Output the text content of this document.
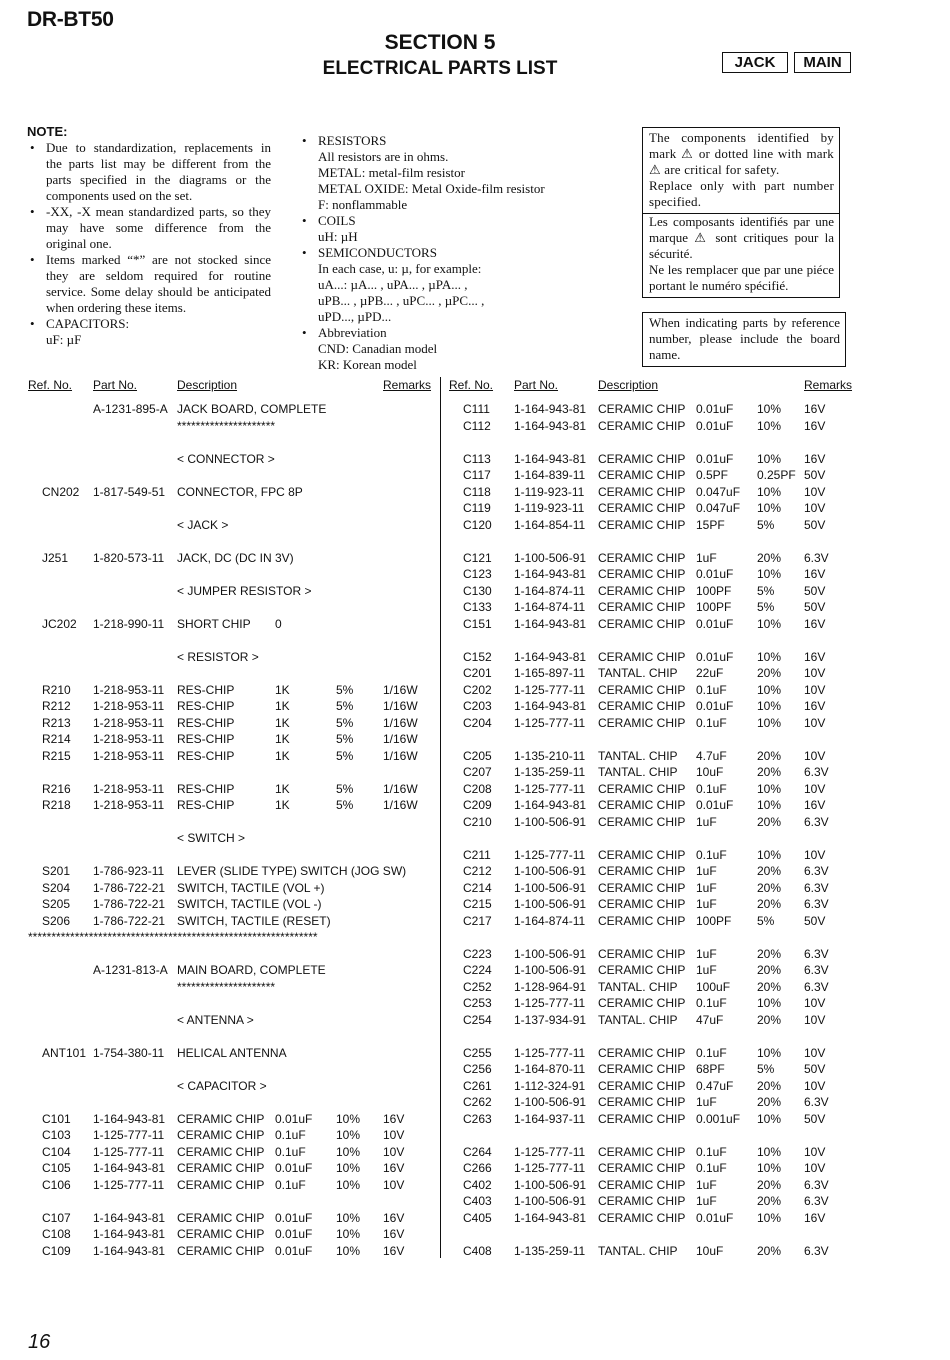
DR-BT50
SECTION 5
ELECTRICAL PARTS LIST	JACK	MAIN
NOTE:
• Due to standardization, replacements in the parts list may be different from the parts specified in the diagrams or the components used on the set.
• -XX, -X mean standardized parts, so they may have some difference from the original one.
• Items marked “*” are not stocked since they are seldom required for routine service. Some delay should be anticipated when ordering these items.
• CAPACITORS:
uF: µF
• RESISTORS
All resistors are in ohms.
METAL: metal-film resistor
METAL OXIDE: Metal Oxide-film resistor
F: nonflammable
• COILS
uH: µH
• SEMICONDUCTORS
In each case, u: µ, for example:
uA...: µA... , uPA... , µPA... ,
uPB... , µPB... , uPC... , µPC... ,
uPD..., µPD...
• Abbreviation
CND: Canadian model
KR: Korean model
The components identified by mark ⚠ or dotted line with mark ⚠ are critical for safety.
Replace only with part number specified.
Les composants identifiés par une marque ⚠ sont critiques pour la sécurité.
Ne les remplacer que par une piéce portant le numéro spécifié.
When indicating parts by reference number, please include the board name.
Ref. No. Part No.	Description	Remarks Ref. No. Part No.	Description	Remarks
A-1231-895-A JACK BOARD, COMPLETE
*********************
< CONNECTOR >
CN202 1-817-549-51 CONNECTOR, FPC 8P
< JACK >
J251 1-820-573-11 JACK, DC (DC IN 3V)
< JUMPER RESISTOR >
JC202 1-218-990-11 SHORT CHIP 0
< RESISTOR >
R210 1-218-953-11 RES-CHIP	1K	5% 1/16W
R212 1-218-953-11 RES-CHIP	1K	5% 1/16W
R213 1-218-953-11 RES-CHIP	1K	5% 1/16W
R214 1-218-953-11 RES-CHIP	1K	5% 1/16W
R215 1-218-953-11 RES-CHIP	1K	5% 1/16W
R216 1-218-953-11 RES-CHIP	1K	5% 1/16W
R218 1-218-953-11 RES-CHIP	1K	5% 1/16W
< SWITCH >
S201 1-786-923-11 LEVER (SLIDE TYPE) SWITCH (JOG SW)
S204 1-786-722-21 SWITCH, TACTILE (VOL +)
S205 1-786-722-21 SWITCH, TACTILE (VOL -)
S206 1-786-722-21 SWITCH, TACTILE (RESET)
**************************************************************
A-1231-813-A MAIN BOARD, COMPLETE
*********************
< ANTENNA >
ANT101 1-754-380-11 HELICAL ANTENNA
< CAPACITOR >
C101 1-164-943-81 CERAMIC CHIP 0.01uF 10% 16V
C103 1-125-777-11 CERAMIC CHIP 0.1uF	10% 10V
C104 1-125-777-11 CERAMIC CHIP 0.1uF	10% 10V
C105 1-164-943-81 CERAMIC CHIP 0.01uF 10% 16V
C106 1-125-777-11 CERAMIC CHIP 0.1uF	10% 10V
C107 1-164-943-81 CERAMIC CHIP 0.01uF 10% 16V
C108 1-164-943-81 CERAMIC CHIP 0.01uF 10% 16V
C109 1-164-943-81 CERAMIC CHIP 0.01uF 10% 16V
C111 1-164-943-81 CERAMIC CHIP 0.01uF 10% 16V
C112 1-164-943-81 CERAMIC CHIP 0.01uF 10% 16V
C113 1-164-943-81 CERAMIC CHIP 0.01uF 10% 16V
C117 1-164-839-11 CERAMIC CHIP 0.5PF 0.25PF 50V
C118 1-119-923-11 CERAMIC CHIP 0.047uF 10% 10V
C119 1-119-923-11 CERAMIC CHIP 0.047uF 10% 10V
C120 1-164-854-11 CERAMIC CHIP 15PF	5% 50V
C121 1-100-506-91 CERAMIC CHIP 1uF	20% 6.3V
C123 1-164-943-81 CERAMIC CHIP 0.01uF 10% 16V
C130 1-164-874-11 CERAMIC CHIP 100PF 5% 50V
C133 1-164-874-11 CERAMIC CHIP 100PF 5% 50V
C151 1-164-943-81 CERAMIC CHIP 0.01uF 10% 16V
C152 1-164-943-81 CERAMIC CHIP 0.01uF 10% 16V
C201 1-165-897-11 TANTAL. CHIP 22uF	20% 10V
C202 1-125-777-11 CERAMIC CHIP 0.1uF	10% 10V
C203 1-164-943-81 CERAMIC CHIP 0.01uF 10% 16V
C204 1-125-777-11 CERAMIC CHIP 0.1uF	10% 10V
C205 1-135-210-11 TANTAL. CHIP 4.7uF	20% 10V
C207 1-135-259-11 TANTAL. CHIP 10uF	20% 6.3V
C208 1-125-777-11 CERAMIC CHIP 0.1uF	10% 10V
C209 1-164-943-81 CERAMIC CHIP 0.01uF 10% 16V
C210 1-100-506-91 CERAMIC CHIP 1uF	20% 6.3V
C211 1-125-777-11 CERAMIC CHIP 0.1uF	10% 10V
C212 1-100-506-91 CERAMIC CHIP 1uF	20% 6.3V
C214 1-100-506-91 CERAMIC CHIP 1uF	20% 6.3V
C215 1-100-506-91 CERAMIC CHIP 1uF	20% 6.3V
C217 1-164-874-11 CERAMIC CHIP 100PF 5% 50V
C223 1-100-506-91 CERAMIC CHIP 1uF	20% 6.3V
C224 1-100-506-91 CERAMIC CHIP 1uF	20% 6.3V
C252 1-128-964-91 TANTAL. CHIP 100uF 20% 6.3V
C253 1-125-777-11 CERAMIC CHIP 0.1uF	10% 10V
C254 1-137-934-91 TANTAL. CHIP 47uF	20% 10V
C255 1-125-777-11 CERAMIC CHIP 0.1uF	10% 10V
C256 1-164-870-11 CERAMIC CHIP 68PF	5% 50V
C261 1-112-324-91 CERAMIC CHIP 0.47uF 20% 10V
C262 1-100-506-91 CERAMIC CHIP 1uF	20% 6.3V
C263 1-164-937-11 CERAMIC CHIP 0.001uF 10% 50V
C264 1-125-777-11 CERAMIC CHIP 0.1uF	10% 10V
C266 1-125-777-11 CERAMIC CHIP 0.1uF	10% 10V
C402 1-100-506-91 CERAMIC CHIP 1uF	20% 6.3V
C403 1-100-506-91 CERAMIC CHIP 1uF	20% 6.3V
C405 1-164-943-81 CERAMIC CHIP 0.01uF 10% 16V
C408 1-135-259-11 TANTAL. CHIP 10uF	20% 6.3V
16
